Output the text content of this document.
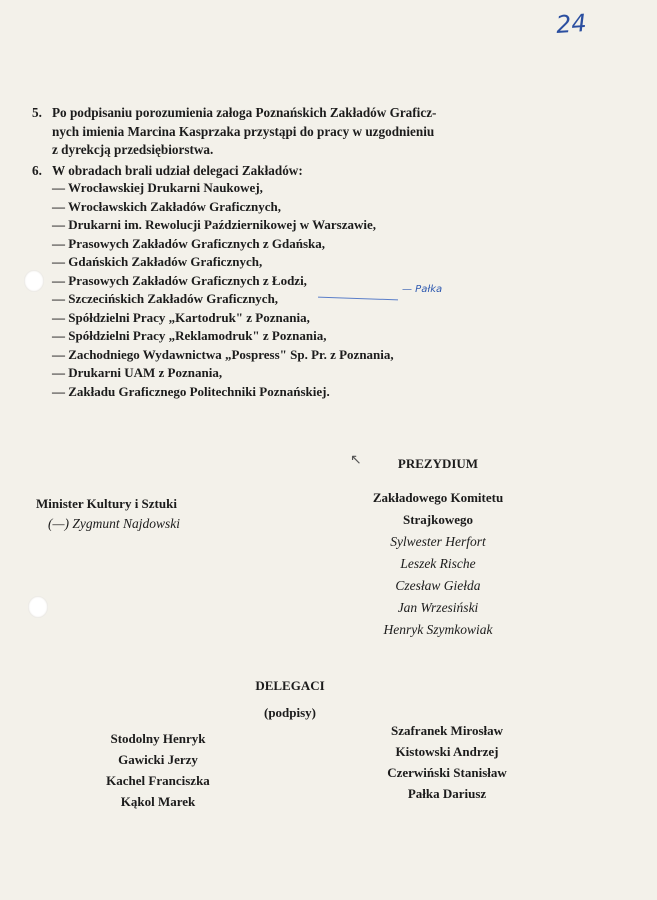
24
5. Po podpisaniu porozumienia załoga Poznańskich Zakładów Graficz-
nych imienia Marcina Kasprzaka przystąpi do pracy w uzgodnieniu
z dyrekcją przedsiębiorstwa.
6. W obradach brali udział delegaci Zakładów:
— Wrocławskiej Drukarni Naukowej,
— Wrocławskich Zakładów Graficznych,
— Drukarni im. Rewolucji Październikowej w Warszawie,
— Prasowych Zakładów Graficznych z Gdańska,
— Gdańskich Zakładów Graficznych,
— Prasowych Zakładów Graficznych z Łodzi,
— Szczecińskich Zakładów Graficznych,
— Spółdzielni Pracy „Kartodruk" z Poznania,
— Spółdzielni Pracy „Reklamodruk" z Poznania,
— Zachodniego Wydawnictwa „Pospress" Sp. Pr. z Poznania,
— Drukarni UAM z Poznania,
— Zakładu Graficznego Politechniki Poznańskiej.
— Pałka
↖
Minister Kultury i Sztuki
(—) Zygmunt Najdowski
PREZYDIUM
Zakładowego Komitetu
Strajkowego
Sylwester Herfort
Leszek Rische
Czesław Giełda
Jan Wrzesiński
Henryk Szymkowiak
DELEGACI
(podpisy)
Stodolny Henryk
Gawicki Jerzy
Kachel Franciszka
Kąkol Marek
Szafranek Mirosław
Kistowski Andrzej
Czerwiński Stanisław
Pałka Dariusz
